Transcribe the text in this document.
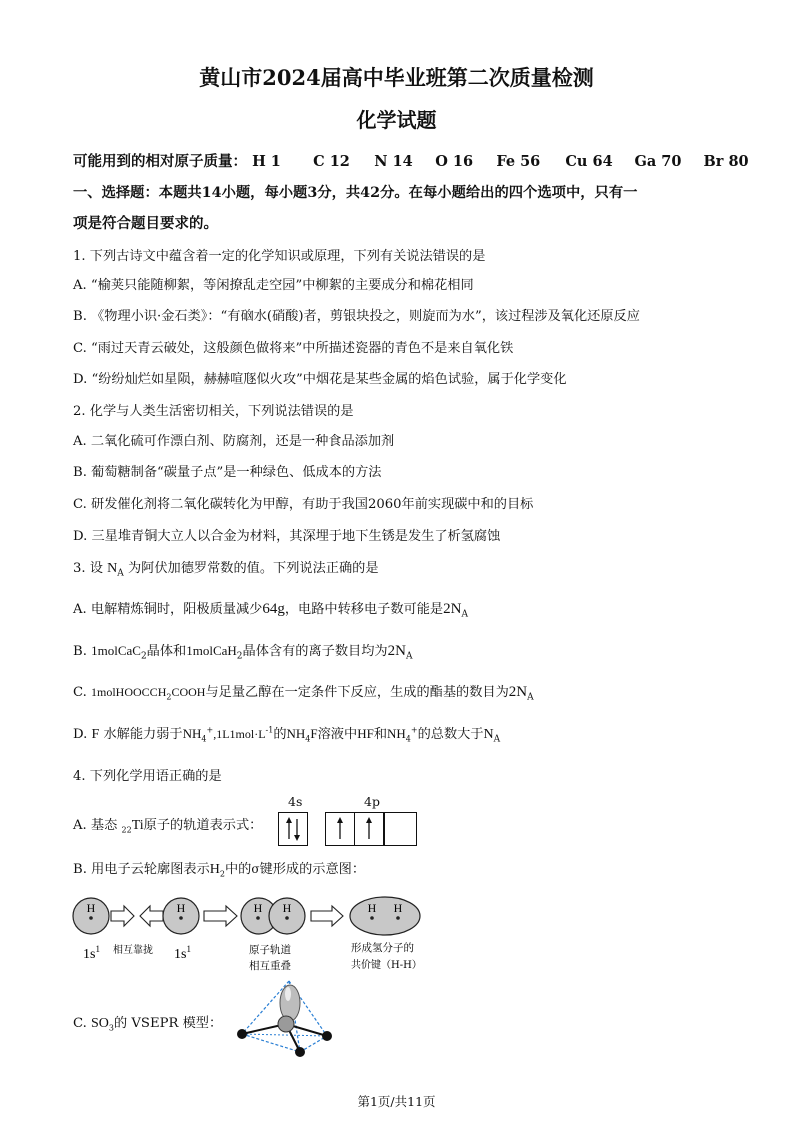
黄山市2024届高中毕业班第二次质量检测
化学试题
可能用到的相对原子质量： H 1 C 12 N 14 O 16 Fe 56 Cu 64 Ga 70 Br 80
一、选择题：本题共14小题，每小题3分，共42分。在每小题给出的四个选项中，只有一
项是符合题目要求的。
1. 下列古诗文中蕴含着一定的化学知识或原理，下列有关说法错误的是
A. “榆荚只能随柳絮，等闲撩乱走空园”中柳絮的主要成分和棉花相同
B. 《物理小识·金石类》：“有硇水(硝酸)者，剪银块投之，则旋而为水”，该过程涉及氧化还原反应
C. “雨过天青云破处，这般颜色做将来”中所描述瓷器的青色不是来自氧化铁
D. “纷纷灿烂如星陨，赫赫喧豗似火攻”中烟花是某些金属的焰色试验，属于化学变化
2. 化学与人类生活密切相关，下列说法错误的是
A. 二氧化硫可作漂白剂、防腐剂，还是一种食品添加剂
B. 葡萄糖制备“碳量子点”是一种绿色、低成本的方法
C. 研发催化剂将二氧化碳转化为甲醇，有助于我国2060年前实现碳中和的目标
D. 三星堆青铜大立人以合金为材料，其深埋于地下生锈是发生了析氢腐蚀
3. 设 $N_A$ 为阿伏加德罗常数的值。下列说法正确的是
A. 电解精炼铜时，阳极质量减少64g，电路中转移电子数可能是$2N_A$
B. 1molCaC$_2$晶体和1molCaH$_2$晶体含有的离子数目均为$2N_A$
C. 1molHOOCCH$_2$COOH与足量乙醇在一定条件下反应，生成的酯基的数目为$2N_A$
D. F 水解能力弱于$NH_4^+,1L1mol\cdot L^{-1}$的$NH_4F$溶液中HF和$NH_4^+$的总数大于$N_A$
4. 下列化学用语正确的是
A. 基态 $_{22}$Ti原子的轨道表示式：
4s	4p
B. 用电子云轮廓图表示$H_2$中的σ键形成的示意图：
H	H	H H	H H
$1s^1$ 相互靠拢 $1s^1$	原子轨道
相互重叠
形成氢分子的
共价键（H-H）
C. $SO_3$的 VSEPR 模型：
第1页/共11页
